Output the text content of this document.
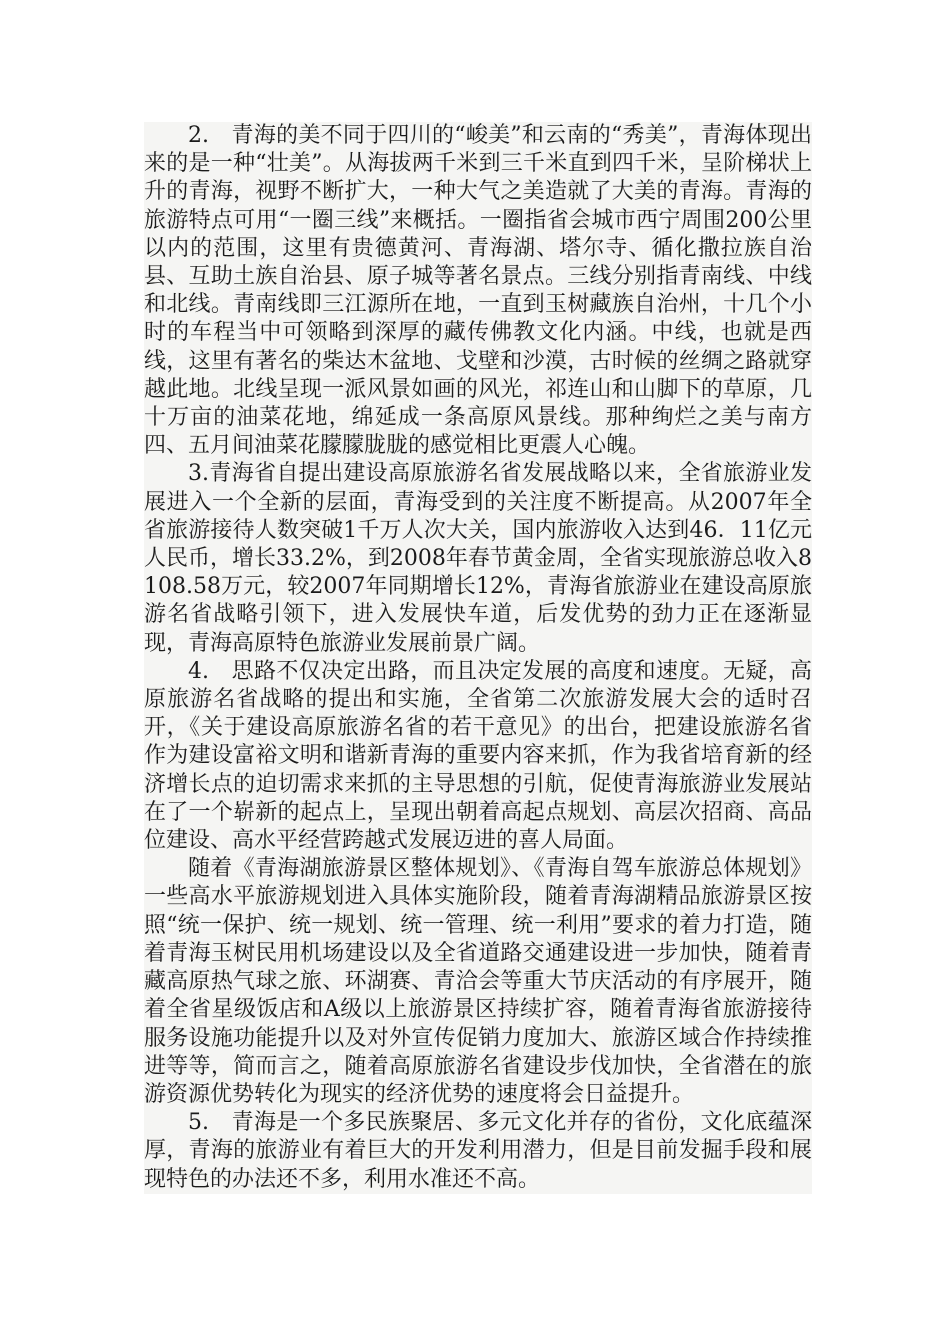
2.　青海的美不同于四川的“峻美”和云南的“秀美”，青海体现出来的是一种“壮美”。从海拔两千米到三千米直到四千米，呈阶梯状上升的青海，视野不断扩大，一种大气之美造就了大美的青海。青海的旅游特点可用“一圈三线”来概括。一圈指省会城市西宁周围200公里以内的范围，这里有贵德黄河、青海湖、塔尔寺、循化撒拉族自治县、互助土族自治县、原子城等著名景点。三线分别指青南线、中线和北线。青南线即三江源所在地，一直到玉树藏族自治州，十几个小时的车程当中可领略到深厚的藏传佛教文化内涵。中线，也就是西线，这里有著名的柴达木盆地、戈壁和沙漠，古时候的丝绸之路就穿越此地。北线呈现一派风景如画的风光，祁连山和山脚下的草原，几十万亩的油菜花地，绵延成一条高原风景线。那种绚烂之美与南方四、五月间油菜花朦朦胧胧的感觉相比更震人心魄。

3.青海省自提出建设高原旅游名省发展战略以来，全省旅游业发展进入一个全新的层面，青海受到的关注度不断提高。从2007年全省旅游接待人数突破1千万人次大关，国内旅游收入达到46．11亿元人民币，增长33.2%，到2008年春节黄金周，全省实现旅游总收入8108.58万元，较2007年同期增长12%，青海省旅游业在建设高原旅游名省战略引领下，进入发展快车道，后发优势的劲力正在逐渐显现，青海高原特色旅游业发展前景广阔。

4.　思路不仅决定出路，而且决定发展的高度和速度。无疑，高原旅游名省战略的提出和实施，全省第二次旅游发展大会的适时召开，《关于建设高原旅游名省的若干意见》的出台，把建设旅游名省作为建设富裕文明和谐新青海的重要内容来抓，作为我省培育新的经济增长点的迫切需求来抓的主导思想的引航，促使青海旅游业发展站在了一个崭新的起点上，呈现出朝着高起点规划、高层次招商、高品位建设、高水平经营跨越式发展迈进的喜人局面。

随着《青海湖旅游景区整体规划》、《青海自驾车旅游总体规划》一些高水平旅游规划进入具体实施阶段，随着青海湖精品旅游景区按照“统一保护、统一规划、统一管理、统一利用”要求的着力打造，随着青海玉树民用机场建设以及全省道路交通建设进一步加快，随着青藏高原热气球之旅、环湖赛、青洽会等重大节庆活动的有序展开，随着全省星级饭店和A级以上旅游景区持续扩容，随着青海省旅游接待服务设施功能提升以及对外宣传促销力度加大、旅游区域合作持续推进等等，简而言之，随着高原旅游名省建设步伐加快，全省潜在的旅游资源优势转化为现实的经济优势的速度将会日益提升。

5.　青海是一个多民族聚居、多元文化并存的省份，文化底蕴深厚，青海的旅游业有着巨大的开发利用潜力，但是目前发掘手段和展现特色的办法还不多，利用水准还不高。
